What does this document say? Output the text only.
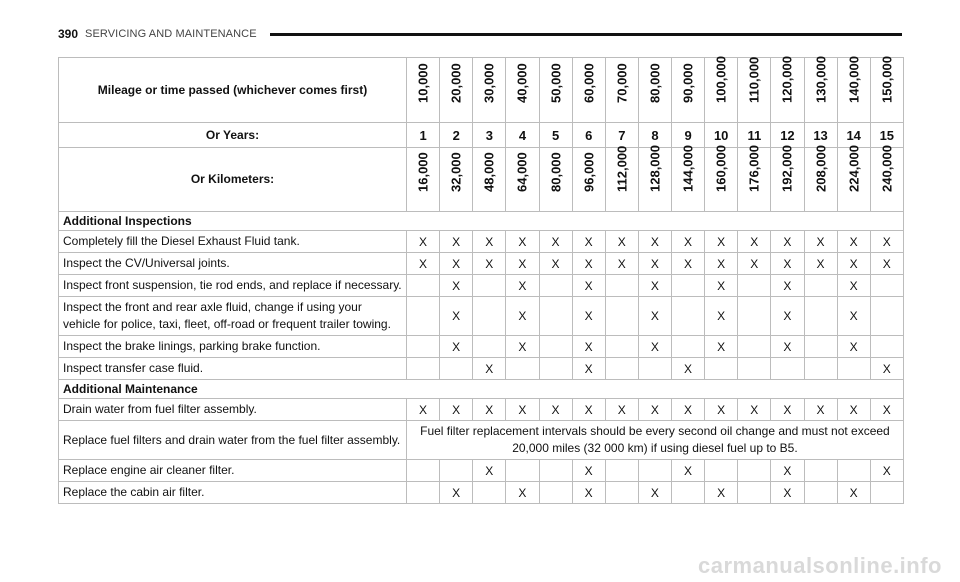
390 SERVICING AND MAINTENANCE
Mileage or time passed (whichever comes first)	10,000	20,000	30,000	40,000	50,000	60,000	70,000	80,000	90,000	100,000	110,000	120,000	130,000	140,000	150,000

Or Years:	1	2	3	4	5	6	7	8	9	10	11	12	13	14	15
Or Kilometers:	16,000	32,000	48,000	64,000	80,000	96,000	112,000	128,000	144,000	160,000	176,000	192,000	208,000	224,000	240,000

Additional Inspections															
Completely fill the Diesel Exhaust Fluid tank.	X	X	X	X	X	X	X	X	X	X	X	X	X	X	X
Inspect the CV/Universal joints.	X	X	X	X	X	X	X	X	X	X	X	X	X	X	X
Inspect front suspension, tie rod ends, and replace if necessary.		X		X		X		X		X		X		X	
Inspect the front and rear axle fluid, change if using your vehicle for police, taxi, fleet, off-road or frequent trailer towing.		X		X		X		X		X		X		X	
Inspect the brake linings, parking brake function.		X		X		X		X		X		X		X	
Inspect transfer case fluid.			X			X			X						X
Additional Maintenance															
Drain water from fuel filter assembly.	X	X	X	X	X	X	X	X	X	X	X	X	X	X	X
Replace fuel filters and drain water from the fuel filter assembly.	Fuel filter replacement intervals should be every second oil change and must not exceed 20,000 miles (32 000 km) if using diesel fuel up to B5.														
Replace engine air cleaner filter.			X			X			X			X			X
Replace the cabin air filter.		X		X		X		X		X		X		X	
carmanualsonline.info
